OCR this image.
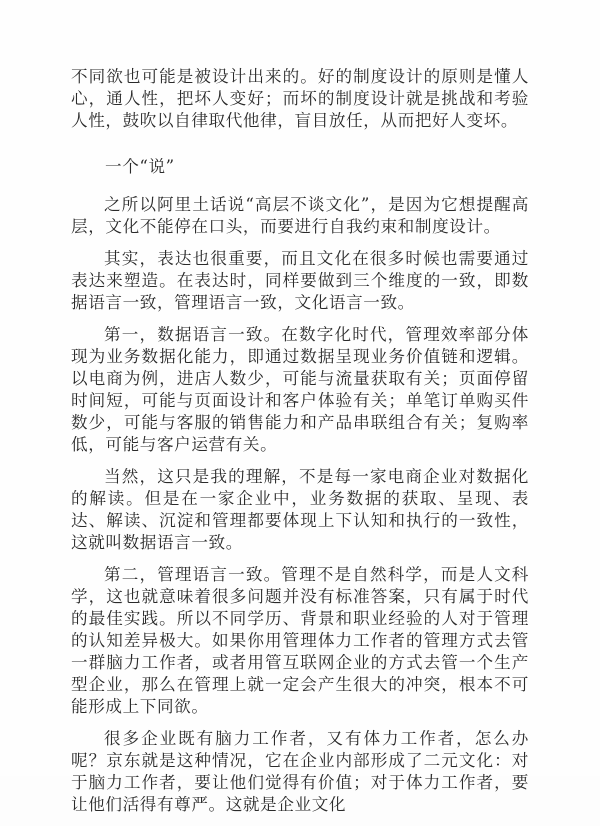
不同欲也可能是被设计出来的。好的制度设计的原则是懂人心，通人性，把坏人变好；而坏的制度设计就是挑战和考验人性，鼓吹以自律取代他律，盲目放任，从而把好人变坏。

一个“说”

之所以阿里土话说“高层不谈文化”，是因为它想提醒高层，文化不能停在口头，而要进行自我约束和制度设计。

其实，表达也很重要，而且文化在很多时候也需要通过表达来塑造。在表达时，同样要做到三个维度的一致，即数据语言一致，管理语言一致，文化语言一致。

第一，数据语言一致。在数字化时代，管理效率部分体现为业务数据化能力，即通过数据呈现业务价值链和逻辑。以电商为例，进店人数少，可能与流量获取有关；页面停留时间短，可能与页面设计和客户体验有关；单笔订单购买件数少，可能与客服的销售能力和产品串联组合有关；复购率低，可能与客户运营有关。

当然，这只是我的理解，不是每一家电商企业对数据化的解读。但是在一家企业中，业务数据的获取、呈现、表达、解读、沉淀和管理都要体现上下认知和执行的一致性，这就叫数据语言一致。

第二，管理语言一致。管理不是自然科学，而是人文科学，这也就意味着很多问题并没有标准答案，只有属于时代的最佳实践。所以不同学历、背景和职业经验的人对于管理的认知差异极大。如果你用管理体力工作者的管理方式去管一群脑力工作者，或者用管互联网企业的方式去管一个生产型企业，那么在管理上就一定会产生很大的冲突，根本不可能形成上下同欲。

很多企业既有脑力工作者，又有体力工作者，怎么办呢？京东就是这种情况，它在企业内部形成了二元文化：对于脑力工作者，要让他们觉得有价值；对于体力工作者，要让他们活得有尊严。这就是企业文化
